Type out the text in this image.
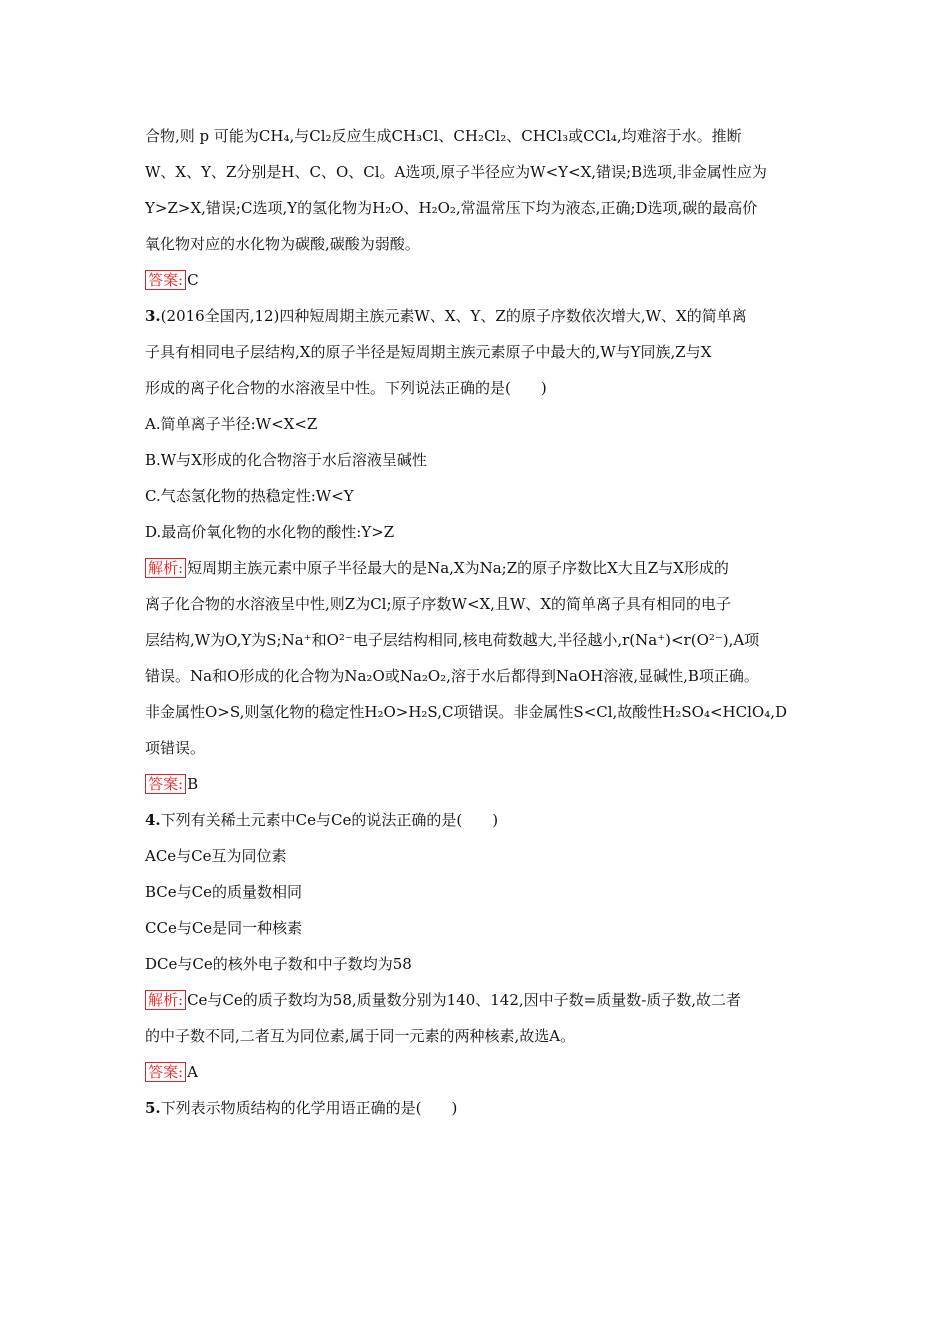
合物,则 p 可能为CH₄,与Cl₂反应生成CH₃Cl、CH₂Cl₂、CHCl₃或CCl₄,均难溶于水。推断

W、X、Y、Z分别是H、C、O、Cl。A选项,原子半径应为W<Y<X,错误;B选项,非金属性应为

Y>Z>X,错误;C选项,Y的氢化物为H₂O、H₂O₂,常温常压下均为液态,正确;D选项,碳的最高价

氧化物对应的水化物为碳酸,碳酸为弱酸。

答案: C

3.(2016全国丙,12)四种短周期主族元素W、X、Y、Z的原子序数依次增大,W、X的简单离

子具有相同电子层结构,X的原子半径是短周期主族元素原子中最大的,W与Y同族,Z与X

形成的离子化合物的水溶液呈中性。下列说法正确的是(　　)

A.简单离子半径:W<X<Z

B.W与X形成的化合物溶于水后溶液呈碱性

C.气态氢化物的热稳定性:W<Y

D.最高价氧化物的水化物的酸性:Y>Z

解析: 短周期主族元素中原子半径最大的是Na,X为Na;Z的原子序数比X大且Z与X形成的

离子化合物的水溶液呈中性,则Z为Cl;原子序数W<X,且W、X的简单离子具有相同的电子

层结构,W为O,Y为S;Na⁺和O²⁻电子层结构相同,核电荷数越大,半径越小,r(Na⁺)<r(O²⁻),A项

错误。Na和O形成的化合物为Na₂O或Na₂O₂,溶于水后都得到NaOH溶液,显碱性,B项正确。

非金属性O>S,则氢化物的稳定性H₂O>H₂S,C项错误。非金属性S<Cl,故酸性H₂SO₄<HClO₄,D

项错误。

答案: B

4.下列有关稀土元素中Ce与Ce的说法正确的是(　　)

ACe与Ce互为同位素

BCe与Ce的质量数相同

CCe与Ce是同一种核素

DCe与Ce的核外电子数和中子数均为58

解析: Ce与Ce的质子数均为58,质量数分别为140、142,因中子数=质量数-质子数,故二者

的中子数不同,二者互为同位素,属于同一元素的两种核素,故选A。

答案: A

5.下列表示物质结构的化学用语正确的是(　　)
